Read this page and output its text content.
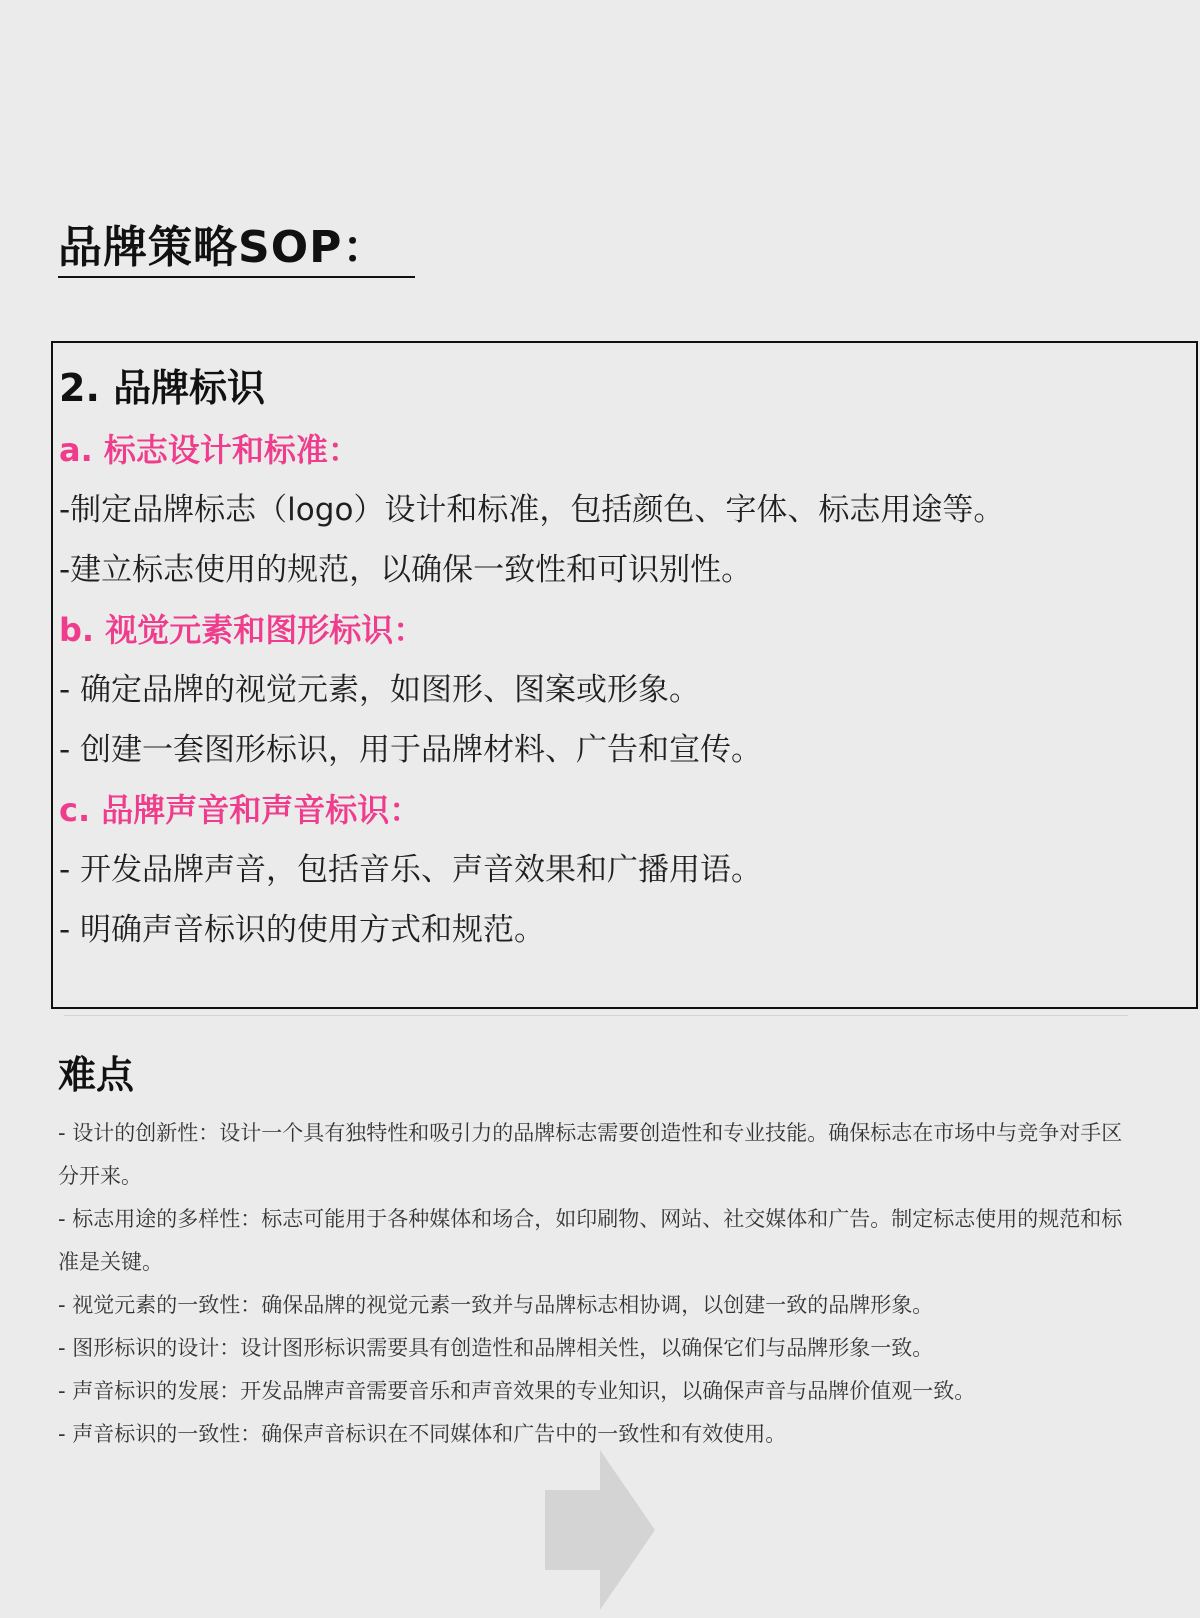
品牌策略SOP：
2. 品牌标识
a. 标志设计和标准：
-制定品牌标志（logo）设计和标准，包括颜色、字体、标志用途等。
-建立标志使用的规范，以确保一致性和可识别性。
b. 视觉元素和图形标识：
- 确定品牌的视觉元素，如图形、图案或形象。
- 创建一套图形标识，用于品牌材料、广告和宣传。
c. 品牌声音和声音标识：
- 开发品牌声音，包括音乐、声音效果和广播用语。
- 明确声音标识的使用方式和规范。
难点
- 设计的创新性：设计一个具有独特性和吸引力的品牌标志需要创造性和专业技能。确保标志在市场中与竞争对手区分开来。
- 标志用途的多样性：标志可能用于各种媒体和场合，如印刷物、网站、社交媒体和广告。制定标志使用的规范和标准是关键。
- 视觉元素的一致性：确保品牌的视觉元素一致并与品牌标志相协调，以创建一致的品牌形象。
- 图形标识的设计：设计图形标识需要具有创造性和品牌相关性，以确保它们与品牌形象一致。
- 声音标识的发展：开发品牌声音需要音乐和声音效果的专业知识，以确保声音与品牌价值观一致。
- 声音标识的一致性：确保声音标识在不同媒体和广告中的一致性和有效使用。
